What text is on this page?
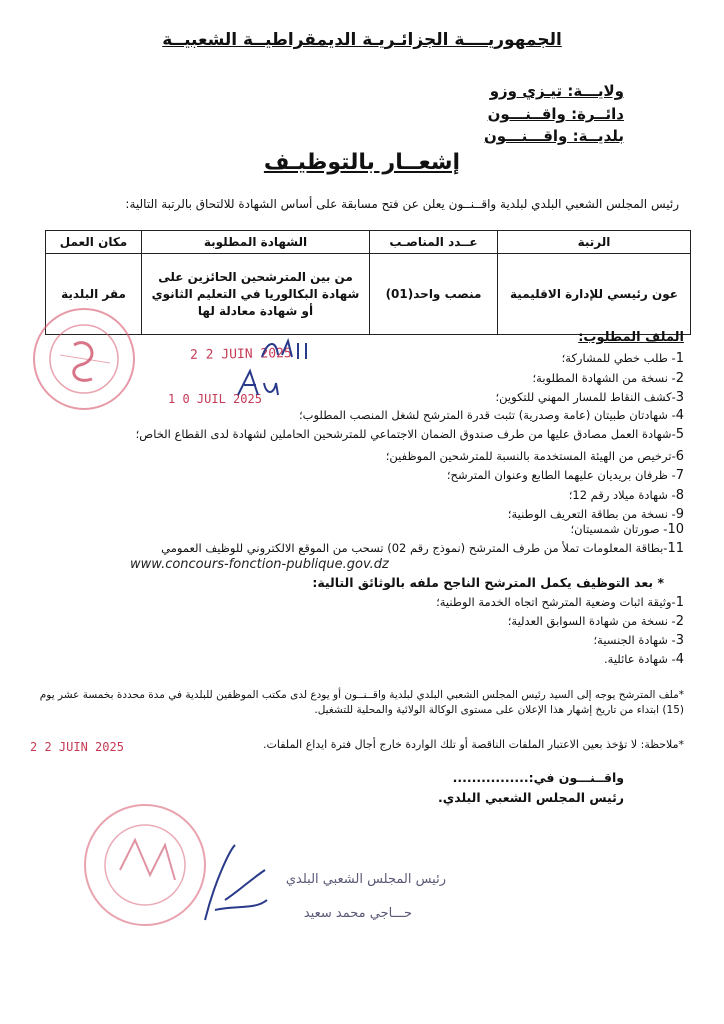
الجمهوريــــة الجزائـريـة الديمقراطيــة الشعبيــة
ولايـــة: تيـزي وزو
دائــرة: واقــنـــون
بلديــة: واقـــنـــون
إشعــار بالتوظيـف
رئيس المجلس الشعبي البلدي لبلدية واقــنــون يعلن عن فتح مسابقة على أساس الشهادة للالتحاق بالرتبة التالية:
الرتبة	عــدد المناصـب	الشهادة المطلوبة	مكان العمل
عون رئيسي للإدارة الاقليمية	منصب واحد(01)	من بين المترشحين الحائزين على
شهادة البكالوريا في التعليم الثانوي
أو شهادة معادلة لها	مقر البلدية
الملف المطلوب:
1- طلب خطي للمشاركة؛
2- نسخة من الشهادة المطلوبة؛
3-كشف النقاط للمسار المهني للتكوين؛
4- شهادتان طبيتان (عامة وصدرية) تثبت قدرة المترشح لشغل المنصب المطلوب؛
5-شهادة العمل مصادق عليها من طرف صندوق الضمان الاجتماعي للمترشحين الحاملين لشهادة لدى القطاع الخاص؛
6-ترخيص من الهيئة المستخدمة بالنسبة للمترشحين الموظفين؛
7- ظرفان بريديان عليهما الطابع وعنوان المترشح؛
8- شهادة ميلاد رقم 12؛
9- نسخة من بطاقة التعريف الوطنية؛
10- صورتان شمسيتان؛
11-بطاقة المعلومات تملأ من طرف المترشح (نموذج رقم 02) تسحب من الموقع الالكتروني للوظيف العمومي
www.concours-fonction-publique.gov.dz
* بعد التوظيف يكمل المترشح الناجح ملفه بالوثائق التالية:
1-وثيقة اثبات وضعية المترشح اتجاه الخدمة الوطنية؛
2- نسخة من شهادة السوابق العدلية؛
3- شهادة الجنسية؛
4- شهادة عائلية.
*ملف المترشح يوجه إلى السيد رئيس المجلس الشعبي البلدي لبلدية واقــنــون أو يودع لدى مكتب الموظفين للبلدية في مدة محددة بخمسة عشر يوم
(15) ابتداء من تاريخ إشهار هذا الإعلان على مستوى الوكالة الولائية والمحلية للتشغيل.
*ملاحظة: لا تؤخذ بعين الاعتبار الملفات الناقصة أو تلك الواردة خارج أجال فترة ايداع الملفات.
واقــنـــون في:................
رئيس المجلس الشعبي البلدي.
2 2 JUIN 2025
1 0 JUIL 2025
2 2 JUIN 2025
رئيس المجلس الشعبي البلدي
حـــاجي محمد سعيد
